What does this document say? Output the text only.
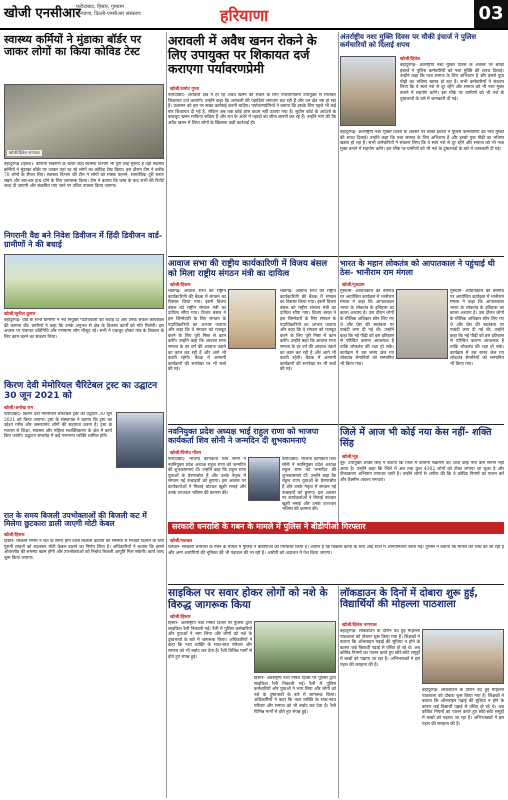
खोजी एनसीआर
फरीदाबाद, हिसार, गुरुग्राम
हरियाणा, दिल्ली-एनसीआर संस्करण	हरियाणा	03
स्वास्थ्य कर्मियों ने मुंडाका बॉर्डर पर जाकर लोगों का किया कोविड टेस्ट
खोजी/हितेश नागपाल
बहादुरगढ़ (हितेश)- कोरोना संक्रमण के चलते जहां स्वास्थ्य विभाग भी पूरी तरह मुस्तैद है वहीं स्वास्थ्य कर्मियों ने मुंडाका बॉर्डर पर जाकर वहां रह रहे लोगों का कोविड टेस्ट किया। इस दौरान टीम ने करीब 70 लोगों के सैंपल लिए। स्वास्थ्य विभाग की टीम ने लोगों को मास्क पहनने, सामाजिक दूरी बनाए रखने और बार-बार हाथ धोने के लिए जागरूक किया। टीम ने बताया कि जांच के बाद सभी की रिपोर्ट जल्द दी जाएगी और संक्रमित पाए जाने पर उचित उपचार किया जाएगा।
निगरानी वैद्य बने निवेश डिवीजन में हिंदी डिवीजन वार्ड-ग्रामीणों ने की बधाई
खोजी/सुनील कुमार
बहादुरगढ़- वार्ड के सभी ग्रामीणों ने नव नियुक्त पदाधिकारी को बधाई दी और उनके सफल कार्यकाल की कामना की। ग्रामीणों ने कहा कि उनके अनुभव से क्षेत्र के विकास कार्यों को गति मिलेगी। इस अवसर पर पंचायत प्रतिनिधि और गणमान्य लोग मौजूद रहे। सभी ने एकजुट होकर गांव के विकास के लिए काम करने का संकल्प लिया।
किरण देवी मेमोरियल चैरिटेबल ट्रस्ट का उद्घाटन 30 जून 2021 को
खोजी/अनोख राम
फरीदाबाद- किरण देवी मेमोरियल चैरिटेबल ट्रस्ट का उद्घाटन 30 जून 2021 को किया जाएगा। ट्रस्ट के संस्थापक ने बताया कि ट्रस्ट का उद्देश्य गरीब और जरूरतमंद लोगों की सहायता करना है। ट्रस्ट के माध्यम से शिक्षा, स्वास्थ्य और महिला सशक्तिकरण के क्षेत्र में कार्य किए जाएंगे। उद्घाटन समारोह में कई गणमान्य व्यक्ति शामिल होंगे।
रात के समय बिजली उपभोक्ताओं की बिजली कट में मिलेगा छुटकारा डाली जाएगी मोटी केबल
खोजी/हिसार
हिसार- बिजली निगम ने रात के समय होने वाली बिजली कटौती की समस्या से निजात दिलाने के लिए पुरानी लाइनों को बदलकर मोटी केबल डालने का निर्णय लिया है। अधिकारियों ने बताया कि इससे ओवरलोड की समस्या खत्म होगी और उपभोक्ताओं को निर्बाध बिजली आपूर्ति मिल सकेगी। कार्य जल्द शुरू किया जाएगा।
अरावली में अवैध खनन रोकने के लिए उपायुक्त पर शिकायत दर्ज कराएगा पर्यावरणप्रेमी
खोजी/प्रमोद गुप्ता
फरीदाबाद- अरावली क्षेत्र में हो रहे अवैध खनन को रोकने के लिए पर्यावरणप्रेमी उपायुक्त से मिलकर शिकायत दर्ज कराएंगे। उन्होंने कहा कि अरावली की पहाड़ियां लगातार कट रही हैं और वन क्षेत्र नष्ट हो रहा है। प्रशासन को इस पर सख्त कार्रवाई करनी चाहिए। पर्यावरणप्रेमियों ने बताया कि इसके लिए पहले भी कई बार शिकायत दी गई है, लेकिन अब तक कोई ठोस कदम नहीं उठाया गया है। सुप्रीम कोर्ट के आदेशों के बावजूद खनन माफिया सक्रिय हैं और रात के अंधेरे में पहाड़ों का सीना छलनी कर रहे हैं। उन्होंने मांग की कि अवैध खनन में लिप्त लोगों के खिलाफ कड़ी कार्रवाई हो।
अंतर्राष्ट्रीय नशा मुक्ति दिवस पर चौकी इंचार्ज ने पुलिस कर्मचारियों को दिलाई शपथ
खोजी/हितेश
बहादुरगढ़- अंतर्राष्ट्रीय नशा मुक्ति दिवस के अवसर पर चौकी इंचार्ज ने पुलिस कर्मचारियों को नशा मुक्ति की शपथ दिलाई। उन्होंने कहा कि नशा समाज के लिए अभिशाप है और इससे युवा पीढ़ी का भविष्य खराब हो रहा है। सभी कर्मचारियों ने संकल्प लिया कि वे स्वयं नशे से दूर रहेंगे और समाज को भी नशा मुक्त बनाने में सहयोग करेंगे। इस मौके पर ग्रामीणों को भी नशे के दुष्प्रभावों के बारे में जानकारी दी गई।
बहादुरगढ़- अंतर्राष्ट्रीय नशा मुक्ति दिवस के अवसर पर चौकी इंचार्ज ने पुलिस कर्मचारियों को नशा मुक्ति की शपथ दिलाई। उन्होंने कहा कि नशा समाज के लिए अभिशाप है और इससे युवा पीढ़ी का भविष्य खराब हो रहा है। सभी कर्मचारियों ने संकल्प लिया कि वे स्वयं नशे से दूर रहेंगे और समाज को भी नशा मुक्त बनाने में सहयोग करेंगे। इस मौके पर ग्रामीणों को भी नशे के दुष्प्रभावों के बारे में जानकारी दी गई।
आवाज सभा की राष्ट्रीय कार्यकारिणी में विजय बंसल को मिला राष्ट्रीय संगठन मंत्री का दायित्व
खोजी/हिसार
चंडीगढ़- आवाज सभा की राष्ट्रीय कार्यकारिणी की बैठक में संगठन का विस्तार किया गया। इसमें विजय बंसल को राष्ट्रीय संगठन मंत्री का दायित्व सौंपा गया। विजय बंसल ने इस जिम्मेदारी के लिए संगठन के पदाधिकारियों का आभार जताया और कहा कि वे संगठन को मजबूत करने के लिए पूरी निष्ठा से काम करेंगे। उन्होंने कहा कि आवाज सभा समाज के हर वर्ग की आवाज उठाने का काम कर रही है और आगे भी करती रहेगी। बैठक में आगामी कार्यक्रमों की रूपरेखा पर भी चर्चा की गई।
चंडीगढ़- आवाज सभा की राष्ट्रीय कार्यकारिणी की बैठक में संगठन का विस्तार किया गया। इसमें विजय बंसल को राष्ट्रीय संगठन मंत्री का दायित्व सौंपा गया। विजय बंसल ने इस जिम्मेदारी के लिए संगठन के पदाधिकारियों का आभार जताया और कहा कि वे संगठन को मजबूत करने के लिए पूरी निष्ठा से काम करेंगे। उन्होंने कहा कि आवाज सभा समाज के हर वर्ग की आवाज उठाने का काम कर रही है और आगे भी करती रहेगी। बैठक में आगामी कार्यक्रमों की रूपरेखा पर भी चर्चा की गई।
भारत के महान लोकतंत्र को आपातकाल ने पहुंचाई थी ठेस- भानीराम राम मंगला
खोजी/गुरुग्राम
गुरुग्राम- आपातकाल की वर्षगांठ पर आयोजित कार्यक्रम में भानीराम मंगला ने कहा कि आपातकाल भारत के लोकतंत्र के इतिहास का काला अध्याय है। उस दौरान लोगों के मौलिक अधिकार छीन लिए गए थे और प्रेस की स्वतंत्रता पर पाबंदी लगा दी गई थी। उन्होंने कहा कि नई पीढ़ी को इस इतिहास से परिचित कराना आवश्यक है ताकि लोकतंत्र की रक्षा हो सके। कार्यक्रम में उस समय जेल गए लोकतंत्र सेनानियों को सम्मानित भी किया गया।
गुरुग्राम- आपातकाल की वर्षगांठ पर आयोजित कार्यक्रम में भानीराम मंगला ने कहा कि आपातकाल भारत के लोकतंत्र के इतिहास का काला अध्याय है। उस दौरान लोगों के मौलिक अधिकार छीन लिए गए थे और प्रेस की स्वतंत्रता पर पाबंदी लगा दी गई थी। उन्होंने कहा कि नई पीढ़ी को इस इतिहास से परिचित कराना आवश्यक है ताकि लोकतंत्र की रक्षा हो सके। कार्यक्रम में उस समय जेल गए लोकतंत्र सेनानियों को सम्मानित भी किया गया।
नवनियुक्त प्रदेश अध्यक्ष भाई राहुल राणा को भाजपा कार्यकर्ता शिव सोनी ने जन्मदिन दी शुभकामनाएं
खोजी/विनोद गौतम
फरीदाबाद- भाजपा कार्यकर्ता शिव सोनी ने नवनियुक्त प्रदेश अध्यक्ष राहुल राणा को जन्मदिन की शुभकामनाएं दीं। उन्होंने कहा कि राहुल राणा युवाओं के प्रेरणास्रोत हैं और उनके नेतृत्व में संगठन नई ऊंचाइयों को छुएगा। इस अवसर पर कार्यकर्ताओं ने मिठाई बांटकर खुशी मनाई और उनके उज्ज्वल भविष्य की कामना की।
फरीदाबाद- भाजपा कार्यकर्ता शिव सोनी ने नवनियुक्त प्रदेश अध्यक्ष राहुल राणा को जन्मदिन की शुभकामनाएं दीं। उन्होंने कहा कि राहुल राणा युवाओं के प्रेरणास्रोत हैं और उनके नेतृत्व में संगठन नई ऊंचाइयों को छुएगा। इस अवसर पर कार्यकर्ताओं ने मिठाई बांटकर खुशी मनाई और उनके उज्ज्वल भविष्य की कामना की।
जिले में आज भी कोई नया केस नहीं- शक्ति सिंह
खोजी/नूंह
नूंह- उपायुक्त शक्ति सिंह ने बताया कि जिले में कोरोना संक्रमण का आज कोई नया केस सामने नहीं आया है। उन्होंने कहा कि जिले में अब तक कुल 4302 लोगों को टीका लगाया जा चुका है और टीकाकरण अभियान लगातार जारी है। उन्होंने लोगों से अपील की कि वे कोविड नियमों का पालन करें और वैक्सीन अवश्य लगवाएं।
सरकारी धनराशि के गबन के मामले में पुलिस ने बीडीपीओ गिरफ्तार
खोजी/पलवल
पलवल- सरकारी धनराशि के गबन के मामले में पुलिस ने बीडीपीओ को गिरफ्तार किया है। आरोप है कि विकास कार्यों के लिए आई राशि में अनियमितता बरती गई। पुलिस ने बताया कि मामले की जांच की जा रही है और अन्य आरोपियों की भूमिका की भी पड़ताल की जा रही है। आरोपी को अदालत में पेश किया जाएगा।
साइकिल पर सवार होकर लोगों को नशे के विरुद्ध जागरूक किया
खोजी/हिसार
हिसार- अंतर्राष्ट्रीय नशा निषेध दिवस पर पुलिस द्वारा साइकिल रैली निकाली गई। रैली में पुलिस कर्मचारियों और युवाओं ने भाग लिया और लोगों को नशे के दुष्प्रभावों के बारे में जागरूक किया। अधिकारियों ने कहा कि नशा व्यक्ति के साथ-साथ परिवार और समाज को भी बर्बाद कर देता है। रैली विभिन्न मार्गों से होते हुए संपन्न हुई।
हिसार- अंतर्राष्ट्रीय नशा निषेध दिवस पर पुलिस द्वारा साइकिल रैली निकाली गई। रैली में पुलिस कर्मचारियों और युवाओं ने भाग लिया और लोगों को नशे के दुष्प्रभावों के बारे में जागरूक किया। अधिकारियों ने कहा कि नशा व्यक्ति के साथ-साथ परिवार और समाज को भी बर्बाद कर देता है। रैली विभिन्न मार्गों से होते हुए संपन्न हुई।
लॉकडाउन के दिनों में दोबारा शुरू हुई, विद्यार्थियों की मोहल्ला पाठशाला
खोजी/हितेश नागपाल
बहादुरगढ़- लॉकडाउन के दौरान बंद हुई मोहल्ला पाठशाला को दोबारा शुरू किया गया है। शिक्षकों ने बताया कि ऑनलाइन पढ़ाई की सुविधा न होने के कारण कई विद्यार्थी पढ़ाई से वंचित हो रहे थे। अब कोविड नियमों का पालन करते हुए छोटे-छोटे समूहों में बच्चों को पढ़ाया जा रहा है। अभिभावकों ने इस पहल की सराहना की है।
बहादुरगढ़- लॉकडाउन के दौरान बंद हुई मोहल्ला पाठशाला को दोबारा शुरू किया गया है। शिक्षकों ने बताया कि ऑनलाइन पढ़ाई की सुविधा न होने के कारण कई विद्यार्थी पढ़ाई से वंचित हो रहे थे। अब कोविड नियमों का पालन करते हुए छोटे-छोटे समूहों में बच्चों को पढ़ाया जा रहा है। अभिभावकों ने इस पहल की सराहना की है।
